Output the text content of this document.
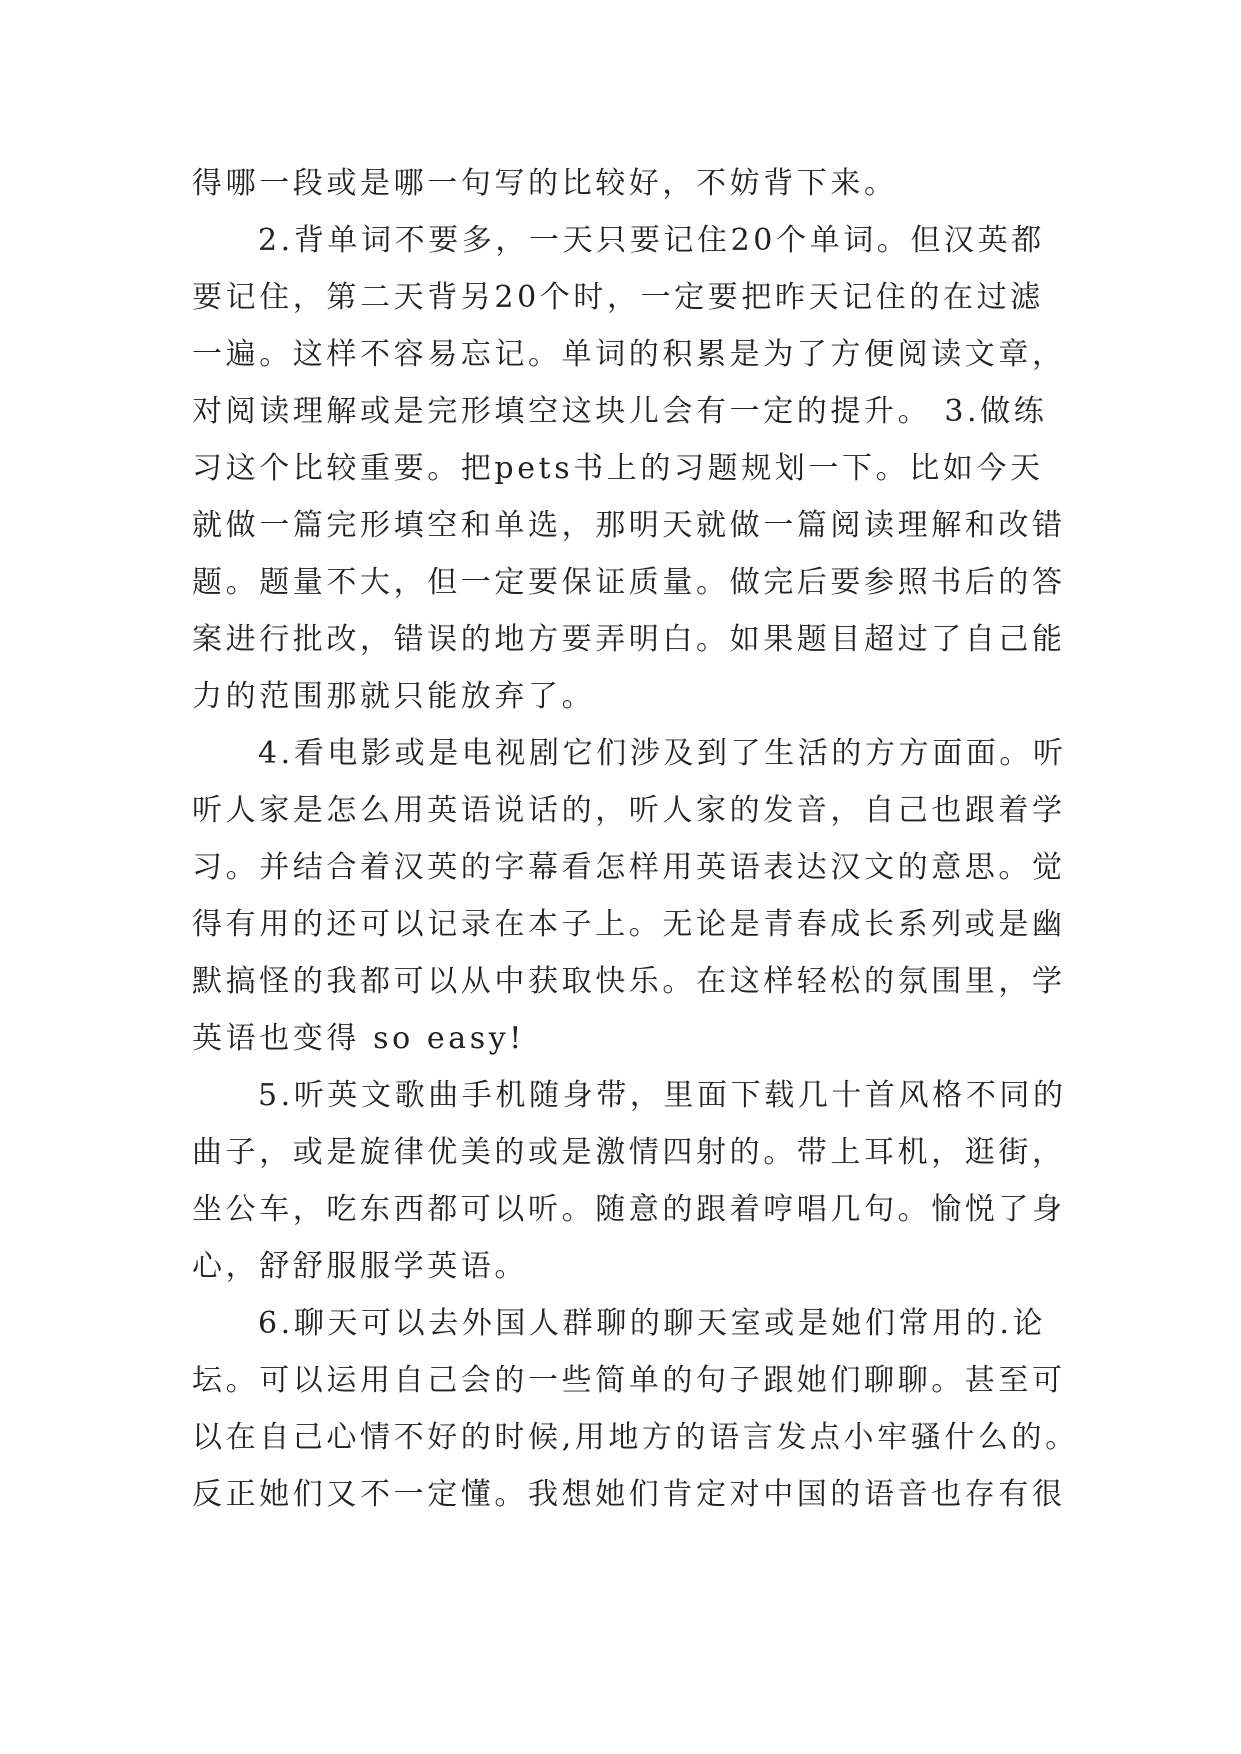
得哪一段或是哪一句写的比较好，不妨背下来。
2.背单词不要多，一天只要记住20个单词。但汉英都
要记住，第二天背另20个时，一定要把昨天记住的在过滤
一遍。这样不容易忘记。单词的积累是为了方便阅读文章，
对阅读理解或是完形填空这块儿会有一定的提升。 3.做练
习这个比较重要。把pets书上的习题规划一下。比如今天
就做一篇完形填空和单选，那明天就做一篇阅读理解和改错
题。题量不大，但一定要保证质量。做完后要参照书后的答
案进行批改，错误的地方要弄明白。如果题目超过了自己能
力的范围那就只能放弃了。
4.看电影或是电视剧它们涉及到了生活的方方面面。听
听人家是怎么用英语说话的，听人家的发音，自己也跟着学
习。并结合着汉英的字幕看怎样用英语表达汉文的意思。觉
得有用的还可以记录在本子上。无论是青春成长系列或是幽
默搞怪的我都可以从中获取快乐。在这样轻松的氛围里，学
英语也变得 so easy!
5.听英文歌曲手机随身带，里面下载几十首风格不同的
曲子，或是旋律优美的或是激情四射的。带上耳机，逛街，
坐公车，吃东西都可以听。随意的跟着哼唱几句。愉悦了身
心，舒舒服服学英语。
6.聊天可以去外国人群聊的聊天室或是她们常用的.论
坛。可以运用自己会的一些简单的句子跟她们聊聊。甚至可
以在自己心情不好的时候,用地方的语言发点小牢骚什么的。
反正她们又不一定懂。我想她们肯定对中国的语音也存有很
